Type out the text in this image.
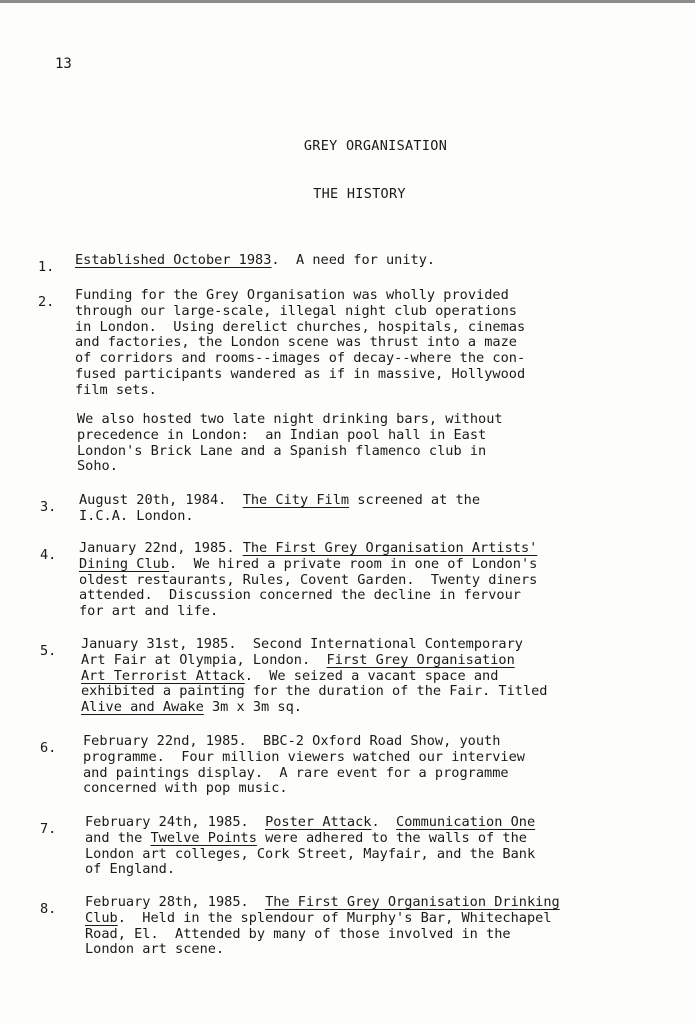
13
GREY ORGANISATION
THE HISTORY
1. Established October 1983.  A need for unity.
2. Funding for the Grey Organisation was wholly provided
through our large-scale, illegal night club operations
in London.  Using derelict churches, hospitals, cinemas
and factories, the London scene was thrust into a maze
of corridors and rooms--images of decay--where the con-
fused participants wandered as if in massive, Hollywood
film sets.
We also hosted two late night drinking bars, without
precedence in London:  an Indian pool hall in East
London's Brick Lane and a Spanish flamenco club in
Soho.
3. August 20th, 1984.  The City Film screened at the
I.C.A. London.
4. January 22nd, 1985. The First Grey Organisation Artists'
Dining Club.  We hired a private room in one of London's
oldest restaurants, Rules, Covent Garden.  Twenty diners
attended.  Discussion concerned the decline in fervour
for art and life.
5. January 31st, 1985.  Second International Contemporary
Art Fair at Olympia, London.  First Grey Organisation
Art Terrorist Attack.  We seized a vacant space and
exhibited a painting for the duration of the Fair. Titled
Alive and Awake 3m x 3m sq.
6. February 22nd, 1985.  BBC-2 Oxford Road Show, youth
programme.  Four million viewers watched our interview
and paintings display.  A rare event for a programme
concerned with pop music.
7. February 24th, 1985.  Poster Attack.  Communication One
and the Twelve Points were adhered to the walls of the
London art colleges, Cork Street, Mayfair, and the Bank
of England.
8. February 28th, 1985.  The First Grey Organisation Drinking
Club.  Held in the splendour of Murphy's Bar, Whitechapel
Road, El.  Attended by many of those involved in the
London art scene.
